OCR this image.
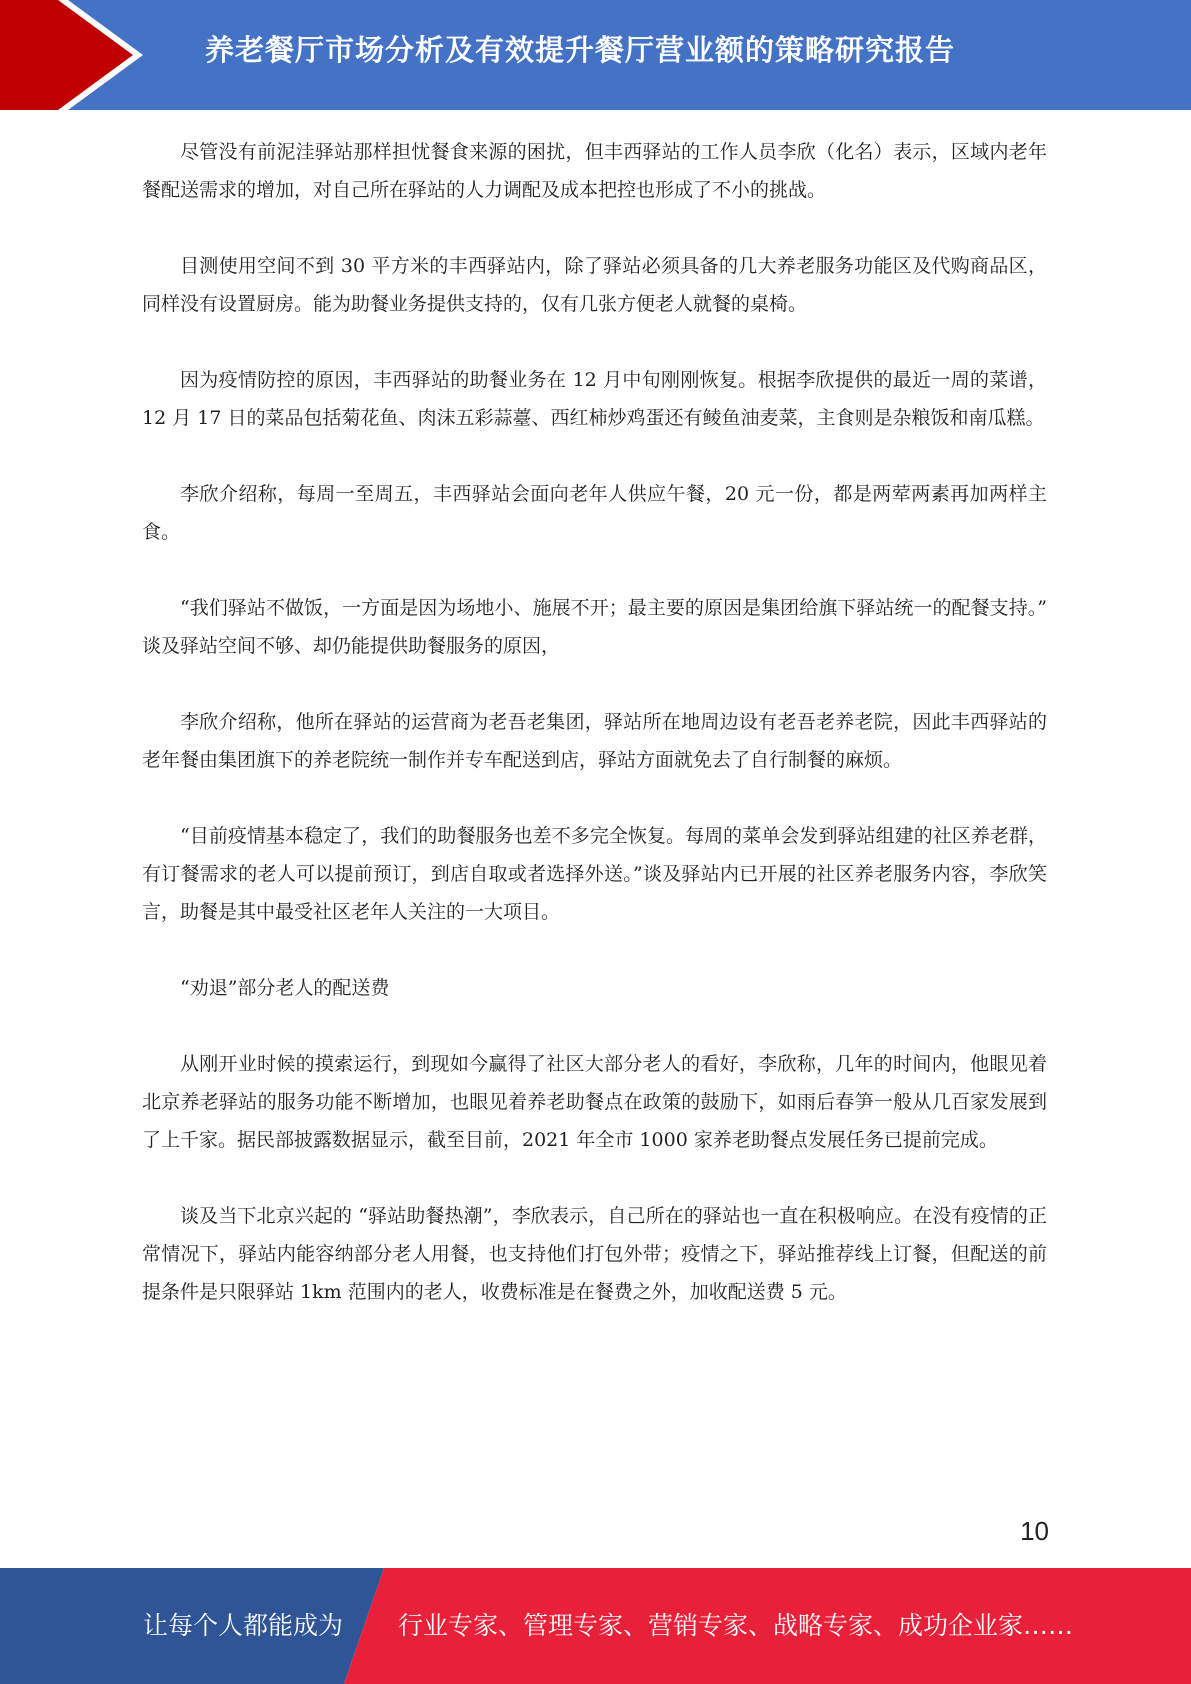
养老餐厅市场分析及有效提升餐厅营业额的策略研究报告

尽管没有前泥洼驿站那样担忧餐食来源的困扰，但丰西驿站的工作人员李欣（化名）表示，区域内老年餐配送需求的增加，对自己所在驿站的人力调配及成本把控也形成了不小的挑战。

目测使用空间不到 30 平方米的丰西驿站内，除了驿站必须具备的几大养老服务功能区及代购商品区，同样没有设置厨房。能为助餐业务提供支持的，仅有几张方便老人就餐的桌椅。

因为疫情防控的原因，丰西驿站的助餐业务在 12 月中旬刚刚恢复。根据李欣提供的最近一周的菜谱，12 月 17 日的菜品包括菊花鱼、肉沫五彩蒜薹、西红柿炒鸡蛋还有鲮鱼油麦菜，主食则是杂粮饭和南瓜糕。

李欣介绍称，每周一至周五，丰西驿站会面向老年人供应午餐，20 元一份，都是两荤两素再加两样主食。

“我们驿站不做饭，一方面是因为场地小、施展不开；最主要的原因是集团给旗下驿站统一的配餐支持。” 谈及驿站空间不够、却仍能提供助餐服务的原因，

李欣介绍称，他所在驿站的运营商为老吾老集团，驿站所在地周边设有老吾老养老院，因此丰西驿站的老年餐由集团旗下的养老院统一制作并专车配送到店，驿站方面就免去了自行制餐的麻烦。

“目前疫情基本稳定了，我们的助餐服务也差不多完全恢复。每周的菜单会发到驿站组建的社区养老群，有订餐需求的老人可以提前预订，到店自取或者选择外送。”谈及驿站内已开展的社区养老服务内容，李欣笑言，助餐是其中最受社区老年人关注的一大项目。

“劝退”部分老人的配送费

从刚开业时候的摸索运行，到现如今赢得了社区大部分老人的看好，李欣称，几年的时间内，他眼见着北京养老驿站的服务功能不断增加，也眼见着养老助餐点在政策的鼓励下，如雨后春笋一般从几百家发展到了上千家。据民部披露数据显示，截至目前，2021 年全市 1000 家养老助餐点发展任务已提前完成。

谈及当下北京兴起的 “驿站助餐热潮”，李欣表示，自己所在的驿站也一直在积极响应。在没有疫情的正常情况下，驿站内能容纳部分老人用餐，也支持他们打包外带；疫情之下，驿站推荐线上订餐，但配送的前提条件是只限驿站 1km 范围内的老人，收费标准是在餐费之外，加收配送费 5 元。

10
让每个人都能成为 行业专家、管理专家、营销专家、战略专家、成功企业家……
